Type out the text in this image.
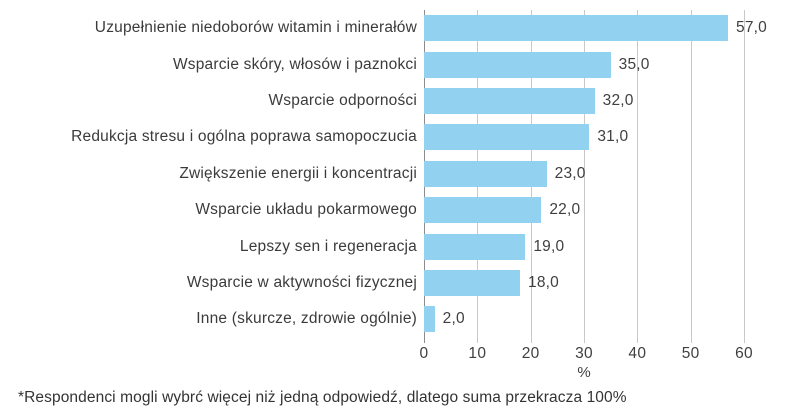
Uzupełnienie niedoborów witamin i minerałów
Wsparcie skóry, włosów i paznokci
Wsparcie odporności
Redukcja stresu i ogólna poprawa samopoczucia
Zwiększenie energii i koncentracji
Wsparcie układu pokarmowego
Lepszy sen i regeneracja
Wsparcie w aktywności fizycznej
Inne (skurcze, zdrowie ogólnie)
57,0
35,0
32,0
31,0
23,0
22,0
19,0
18,0
2,0
0	10 20 30 40 50 60
%
*Respondenci mogli wybrć więcej niż jedną odpowiedź, dlatego suma przekracza 100%
